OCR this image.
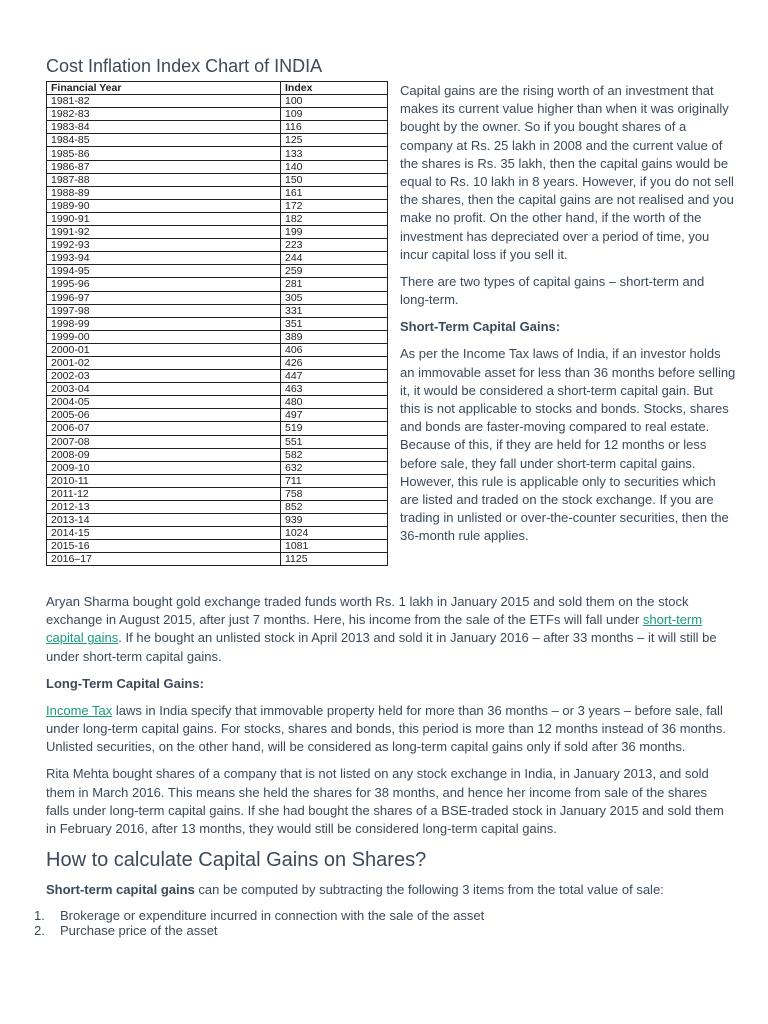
Cost Inflation Index Chart of INDIA
Financial Year	Index
1981-82	100
1982-83	109
1983-84	116
1984-85	125
1985-86	133
1986-87	140
1987-88	150
1988-89	161
1989-90	172
1990-91	182
1991-92	199
1992-93	223
1993-94	244
1994-95	259
1995-96	281
1996-97	305
1997-98	331
1998-99	351
1999-00	389
2000-01	406
2001-02	426
2002-03	447
2003-04	463
2004-05	480
2005-06	497
2006-07	519
2007-08	551
2008-09	582
2009-10	632
2010-11	711
2011-12	758
2012-13	852
2013-14	939
2014-15	1024
2015-16	1081
2016–17	1125

Capital gains are the rising worth of an investment that makes its current value higher than when it was originally bought by the owner. So if you bought shares of a company at Rs. 25 lakh in 2008 and the current value of the shares is Rs. 35 lakh, then the capital gains would be equal to Rs. 10 lakh in 8 years. However, if you do not sell the shares, then the capital gains are not realised and you make no profit. On the other hand, if the worth of the investment has depreciated over a period of time, you incur capital loss if you sell it.

There are two types of capital gains – short-term and long-term.

Short-Term Capital Gains:

As per the Income Tax laws of India, if an investor holds an immovable asset for less than 36 months before selling it, it would be considered a short-term capital gain. But this is not applicable to stocks and bonds. Stocks, shares and bonds are faster-moving compared to real estate. Because of this, if they are held for 12 months or less before sale, they fall under short-term capital gains. However, this rule is applicable only to securities which are listed and traded on the stock exchange. If you are trading in unlisted or over-the-counter securities, then the 36-month rule applies.

Aryan Sharma bought gold exchange traded funds worth Rs. 1 lakh in January 2015 and sold them on the stock exchange in August 2015, after just 7 months. Here, his income from the sale of the ETFs will fall under short-term capital gains. If he bought an unlisted stock in April 2013 and sold it in January 2016 – after 33 months – it will still be under short-term capital gains.

Long-Term Capital Gains:

Income Tax laws in India specify that immovable property held for more than 36 months – or 3 years – before sale, fall under long-term capital gains. For stocks, shares and bonds, this period is more than 12 months instead of 36 months. Unlisted securities, on the other hand, will be considered as long-term capital gains only if sold after 36 months.

Rita Mehta bought shares of a company that is not listed on any stock exchange in India, in January 2013, and sold them in March 2016. This means she held the shares for 38 months, and hence her income from sale of the shares falls under long-term capital gains. If she had bought the shares of a BSE-traded stock in January 2015 and sold them in February 2016, after 13 months, they would still be considered long-term capital gains.

How to calculate Capital Gains on Shares?

Short-term capital gains can be computed by subtracting the following 3 items from the total value of sale:

1.	Brokerage or expenditure incurred in connection with the sale of the asset
2.	Purchase price of the asset
